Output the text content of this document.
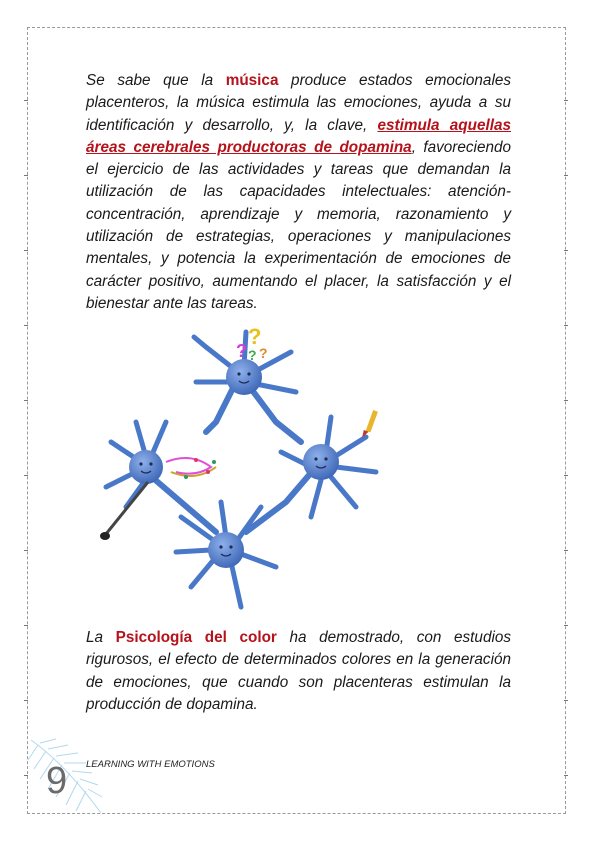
Se sabe que la música produce estados emocionales placenteros, la música estimula las emociones, ayuda a su identificación y desarrollo, y, la clave, estimula aquellas áreas cerebrales productoras de dopamina, favoreciendo el ejercicio de las actividades y tareas que demandan la utilización de las capacidades intelectuales: atención-concentración, aprendizaje y memoria, razonamiento y utilización de estrategias, operaciones y manipulaciones mentales, y potencia la experimentación de emociones de carácter positivo, aumentando el placer, la satisfacción y el bienestar ante las tareas.

?
?
? ?

La Psicología del color ha demostrado, con estudios rigurosos, el efecto de determinados colores en la generación de emociones, que cuando son placenteras estimulan la producción de dopamina.

9 LEARNING WITH EMOTIONS
